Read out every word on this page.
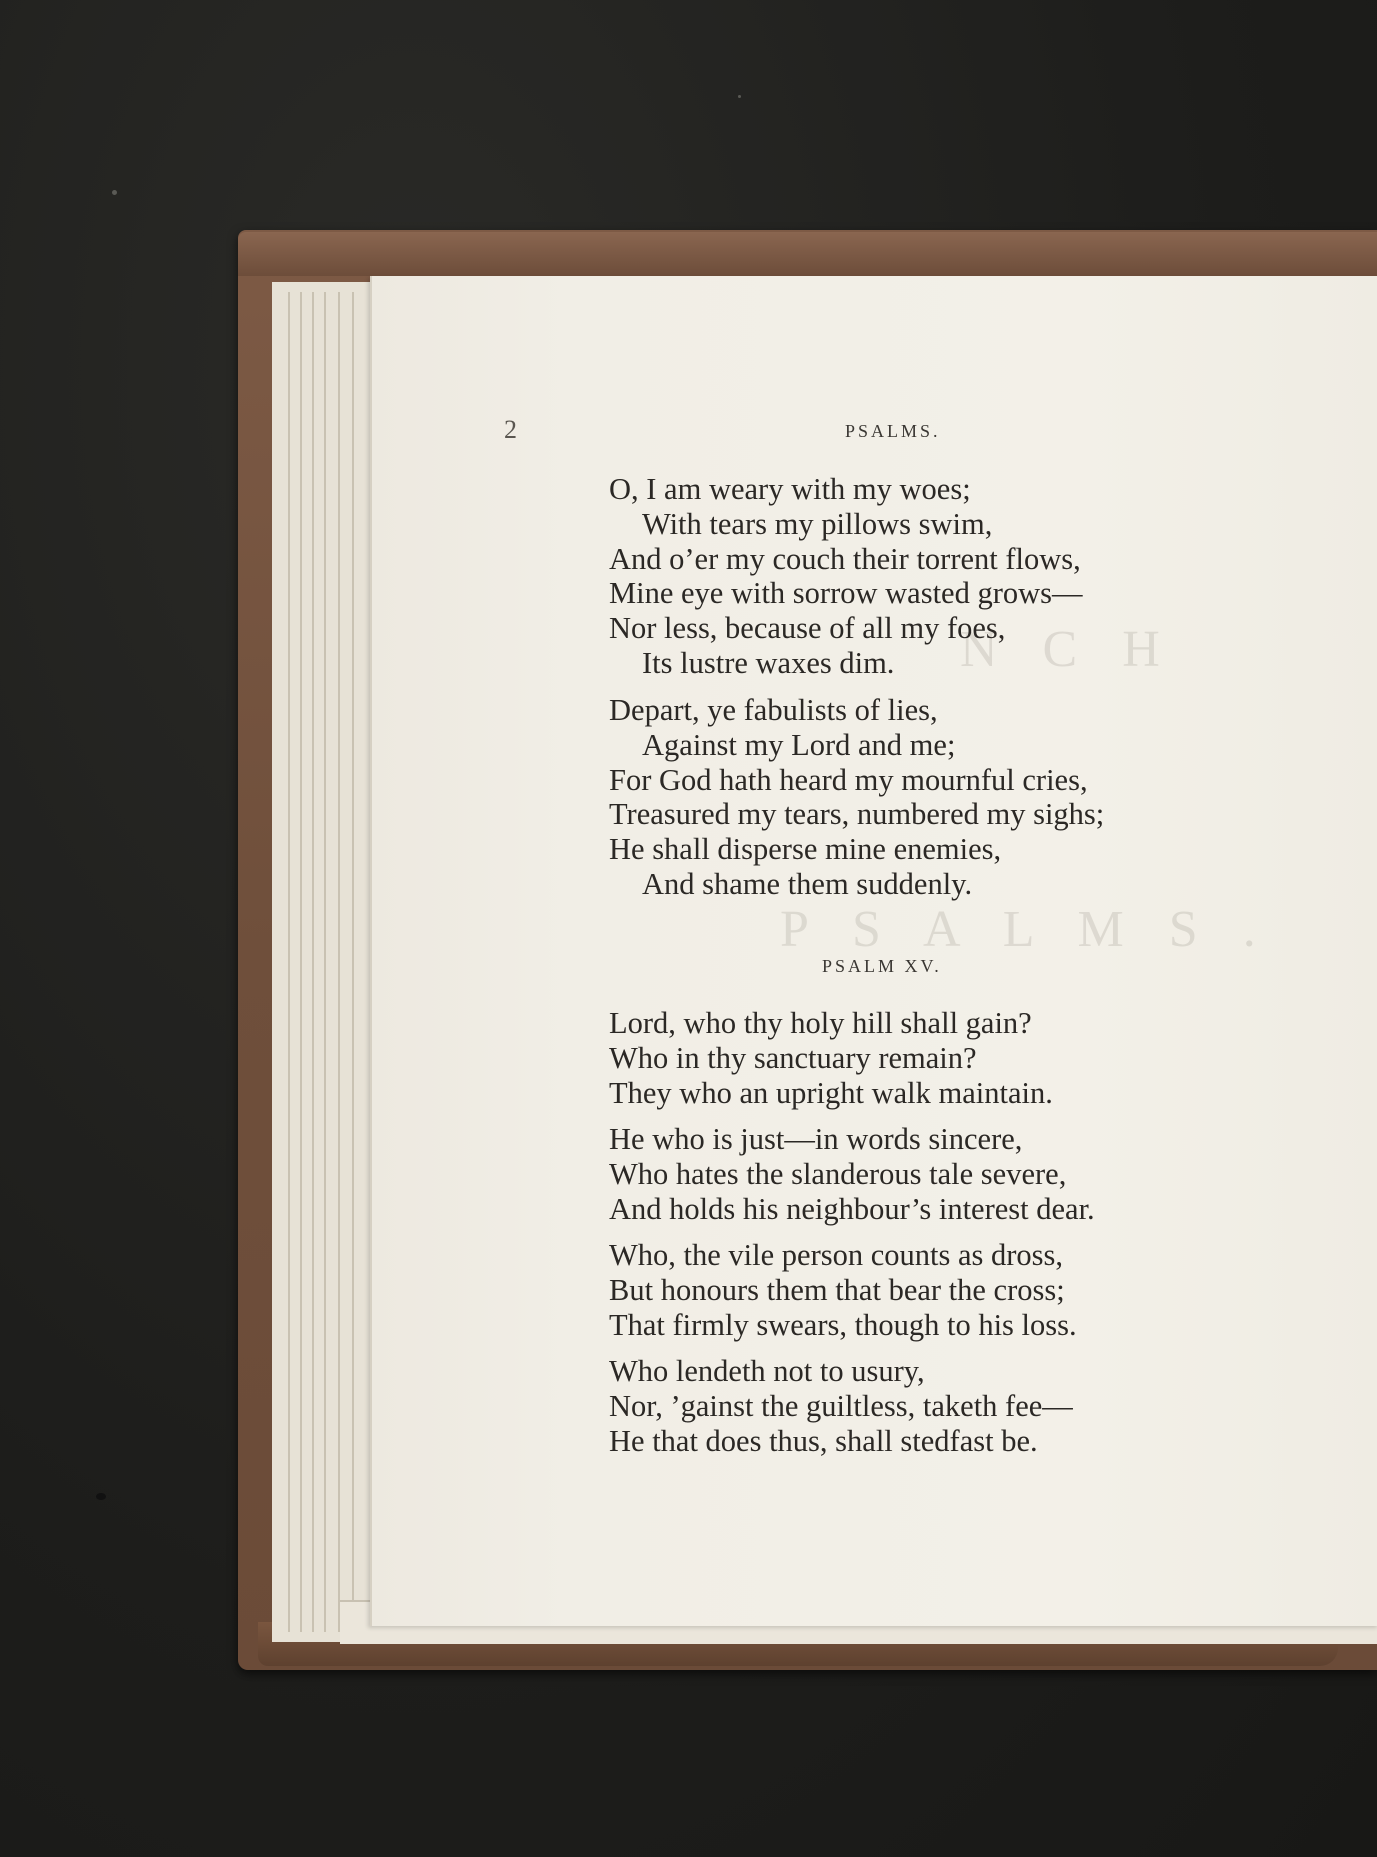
N C H
P S A L M S .

2	PSALMS.

O, I am weary with my woes;
With tears my pillows swim,
And o’er my couch their torrent flows,
Mine eye with sorrow wasted grows—
Nor less, because of all my foes,
Its lustre waxes dim.
Depart, ye fabulists of lies,
Against my Lord and me;
For God hath heard my mournful cries,
Treasured my tears, numbered my sighs;
He shall disperse mine enemies,
And shame them suddenly.

PSALM XV.

Lord, who thy holy hill shall gain?
Who in thy sanctuary remain?
They who an upright walk maintain.
He who is just—in words sincere,
Who hates the slanderous tale severe,
And holds his neighbour’s interest dear.
Who, the vile person counts as dross,
But honours them that bear the cross;
That firmly swears, though to his loss.
Who lendeth not to usury,
Nor, ’gainst the guiltless, taketh fee—
He that does thus, shall stedfast be.
